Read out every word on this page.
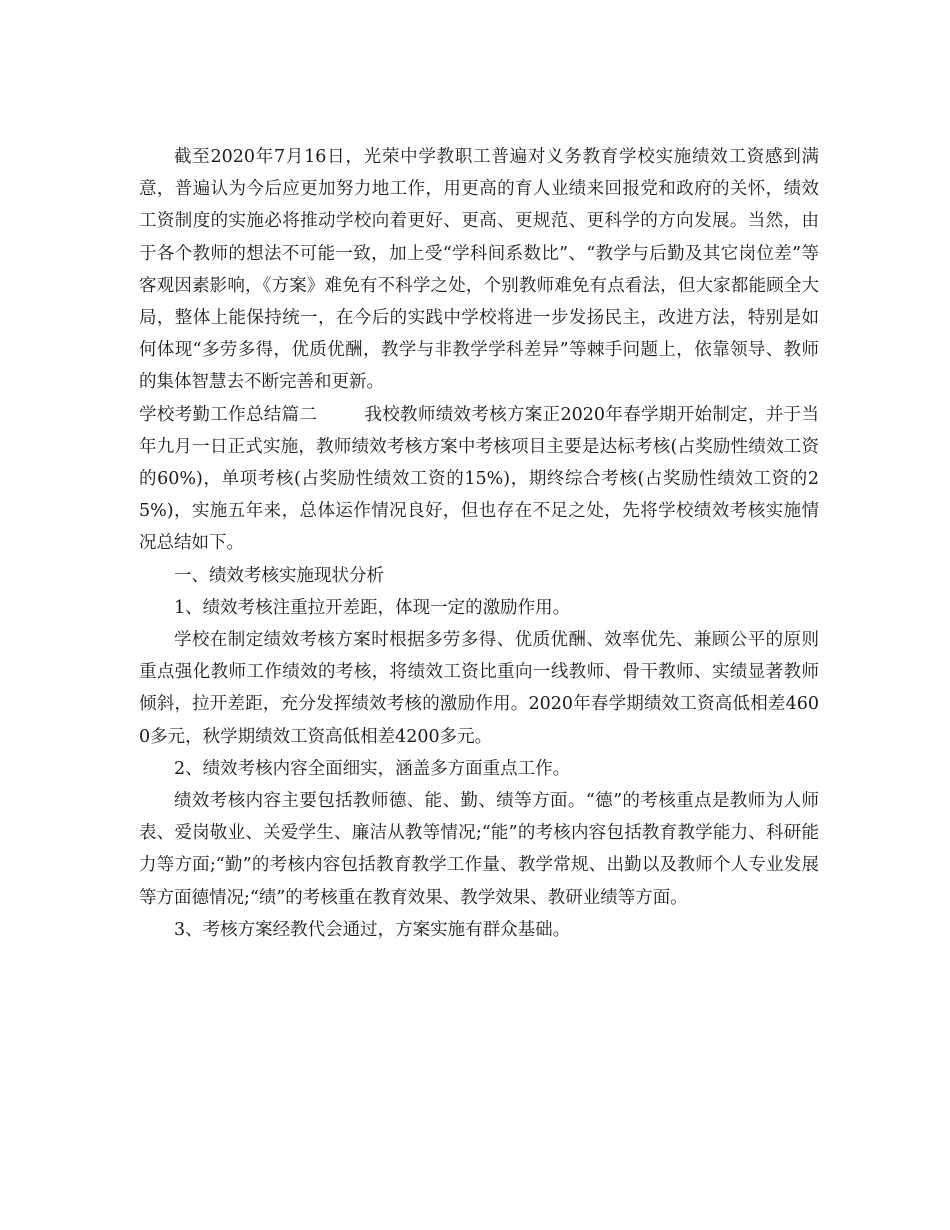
截至2020年7月16日，光荣中学教职工普遍对义务教育学校实施绩效工资感到满意，普遍认为今后应更加努力地工作，用更高的育人业绩来回报党和政府的关怀，绩效工资制度的实施必将推动学校向着更好、更高、更规范、更科学的方向发展。当然，由于各个教师的想法不可能一致，加上受“学科间系数比”、“教学与后勤及其它岗位差”等客观因素影响，《方案》难免有不科学之处，个别教师难免有点看法，但大家都能顾全大局，整体上能保持统一，在今后的实践中学校将进一步发扬民主，改进方法，特别是如何体现“多劳多得，优质优酬，教学与非教学学科差异”等棘手问题上，依靠领导、教师的集体智慧去不断完善和更新。

学校考勤工作总结篇二	我校教师绩效考核方案正2020年春学期开始制定，并于当年九月一日正式实施，教师绩效考核方案中考核项目主要是达标考核(占奖励性绩效工资的60%)，单项考核(占奖励性绩效工资的15%)，期终综合考核(占奖励性绩效工资的25%)，实施五年来，总体运作情况良好，但也存在不足之处，先将学校绩效考核实施情况总结如下。

一、绩效考核实施现状分析

1、绩效考核注重拉开差距，体现一定的激励作用。

学校在制定绩效考核方案时根据多劳多得、优质优酬、效率优先、兼顾公平的原则重点强化教师工作绩效的考核，将绩效工资比重向一线教师、骨干教师、实绩显著教师倾斜，拉开差距，充分发挥绩效考核的激励作用。2020年春学期绩效工资高低相差4600多元，秋学期绩效工资高低相差4200多元。

2、绩效考核内容全面细实，涵盖多方面重点工作。

绩效考核内容主要包括教师德、能、勤、绩等方面。“德”的考核重点是教师为人师表、爱岗敬业、关爱学生、廉洁从教等情况;“能”的考核内容包括教育教学能力、科研能力等方面;“勤”的考核内容包括教育教学工作量、教学常规、出勤以及教师个人专业发展等方面德情况;“绩”的考核重在教育效果、教学效果、教研业绩等方面。

3、考核方案经教代会通过，方案实施有群众基础。
